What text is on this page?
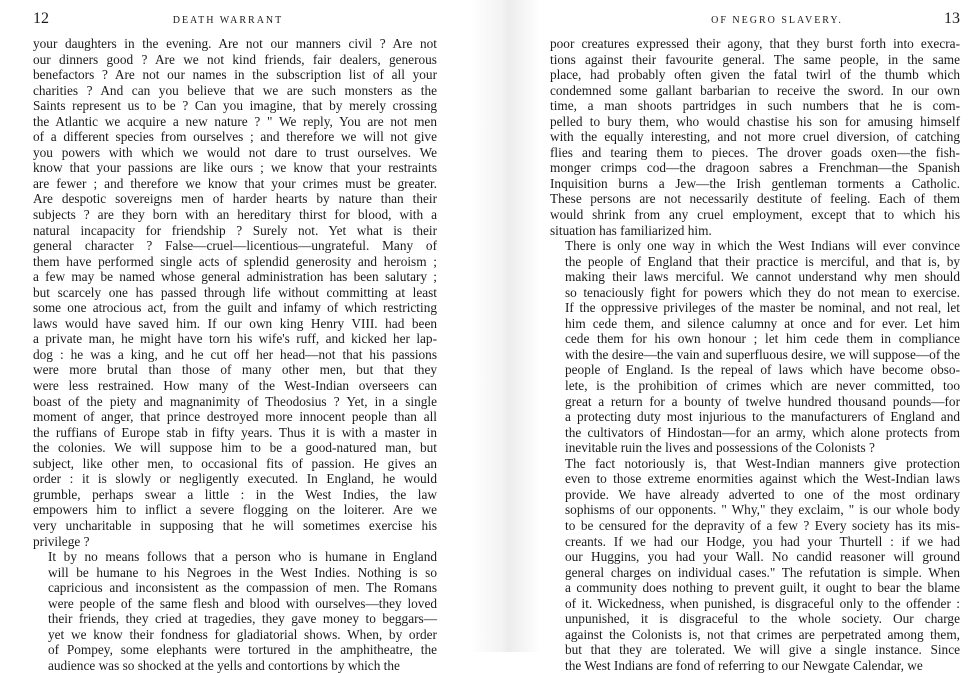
12	DEATH WARRANT

your daughters in the evening. Are not our manners civil ? Are not
our dinners good ? Are we not kind friends, fair dealers, generous
benefactors ? Are not our names in the subscription list of all your
charities ? And can you believe that we are such monsters as the
Saints represent us to be ? Can you imagine, that by merely crossing
the Atlantic we acquire a new nature ? " We reply, You are not men
of a different species from ourselves ; and therefore we will not give
you powers with which we would not dare to trust ourselves. We
know that your passions are like ours ; we know that your restraints
are fewer ; and therefore we know that your crimes must be greater.
Are despotic sovereigns men of harder hearts by nature than their
subjects ? are they born with an hereditary thirst for blood, with a
natural incapacity for friendship ? Surely not. Yet what is their
general character ? False—cruel—licentious—ungrateful. Many of
them have performed single acts of splendid generosity and heroism ;
a few may be named whose general administration has been salutary ;
but scarcely one has passed through life without committing at least
some one atrocious act, from the guilt and infamy of which restricting
laws would have saved him. If our own king Henry VIII. had been
a private man, he might have torn his wife's ruff, and kicked her lap-
dog : he was a king, and he cut off her head—not that his passions
were more brutal than those of many other men, but that they
were less restrained. How many of the West-Indian overseers can
boast of the piety and magnanimity of Theodosius ? Yet, in a single
moment of anger, that prince destroyed more innocent people than all
the ruffians of Europe stab in fifty years. Thus it is with a master in
the colonies. We will suppose him to be a good-natured man, but
subject, like other men, to occasional fits of passion. He gives an
order : it is slowly or negligently executed. In England, he would
grumble, perhaps swear a little : in the West Indies, the law
empowers him to inflict a severe flogging on the loiterer. Are we
very uncharitable in supposing that he will sometimes exercise his
privilege ?

It by no means follows that a person who is humane in England
will be humane to his Negroes in the West Indies. Nothing is so
capricious and inconsistent as the compassion of men. The Romans
were people of the same flesh and blood with ourselves—they loved
their friends, they cried at tragedies, they gave money to beggars—
yet we know their fondness for gladiatorial shows. When, by order
of Pompey, some elephants were tortured in the amphitheatre, the
audience was so shocked at the yells and contortions by which the

OF NEGRO SLAVERY.	13

poor creatures expressed their agony, that they burst forth into execra-
tions against their favourite general. The same people, in the same
place, had probably often given the fatal twirl of the thumb which
condemned some gallant barbarian to receive the sword. In our own
time, a man shoots partridges in such numbers that he is com-
pelled to bury them, who would chastise his son for amusing himself
with the equally interesting, and not more cruel diversion, of catching
flies and tearing them to pieces. The drover goads oxen—the fish-
monger crimps cod—the dragoon sabres a Frenchman—the Spanish
Inquisition burns a Jew—the Irish gentleman torments a Catholic.
These persons are not necessarily destitute of feeling. Each of them
would shrink from any cruel employment, except that to which his
situation has familiarized him.

There is only one way in which the West Indians will ever convince
the people of England that their practice is merciful, and that is, by
making their laws merciful. We cannot understand why men should
so tenaciously fight for powers which they do not mean to exercise.
If the oppressive privileges of the master be nominal, and not real, let
him cede them, and silence calumny at once and for ever. Let him
cede them for his own honour ; let him cede them in compliance
with the desire—the vain and superfluous desire, we will suppose—of the
people of England. Is the repeal of laws which have become obso-
lete, is the prohibition of crimes which are never committed, too
great a return for a bounty of twelve hundred thousand pounds—for
a protecting duty most injurious to the manufacturers of England and
the cultivators of Hindostan—for an army, which alone protects from
inevitable ruin the lives and possessions of the Colonists ?

The fact notoriously is, that West-Indian manners give protection
even to those extreme enormities against which the West-Indian laws
provide. We have already adverted to one of the most ordinary
sophisms of our opponents. " Why," they exclaim, " is our whole body
to be censured for the depravity of a few ? Every society has its mis-
creants. If we had our Hodge, you had your Thurtell : if we had
our Huggins, you had your Wall. No candid reasoner will ground
general charges on individual cases." The refutation is simple. When
a community does nothing to prevent guilt, it ought to bear the blame
of it. Wickedness, when punished, is disgraceful only to the offender :
unpunished, it is disgraceful to the whole society. Our charge
against the Colonists is, not that crimes are perpetrated among them,
but that they are tolerated. We will give a single instance. Since
the West Indians are fond of referring to our Newgate Calendar, we
